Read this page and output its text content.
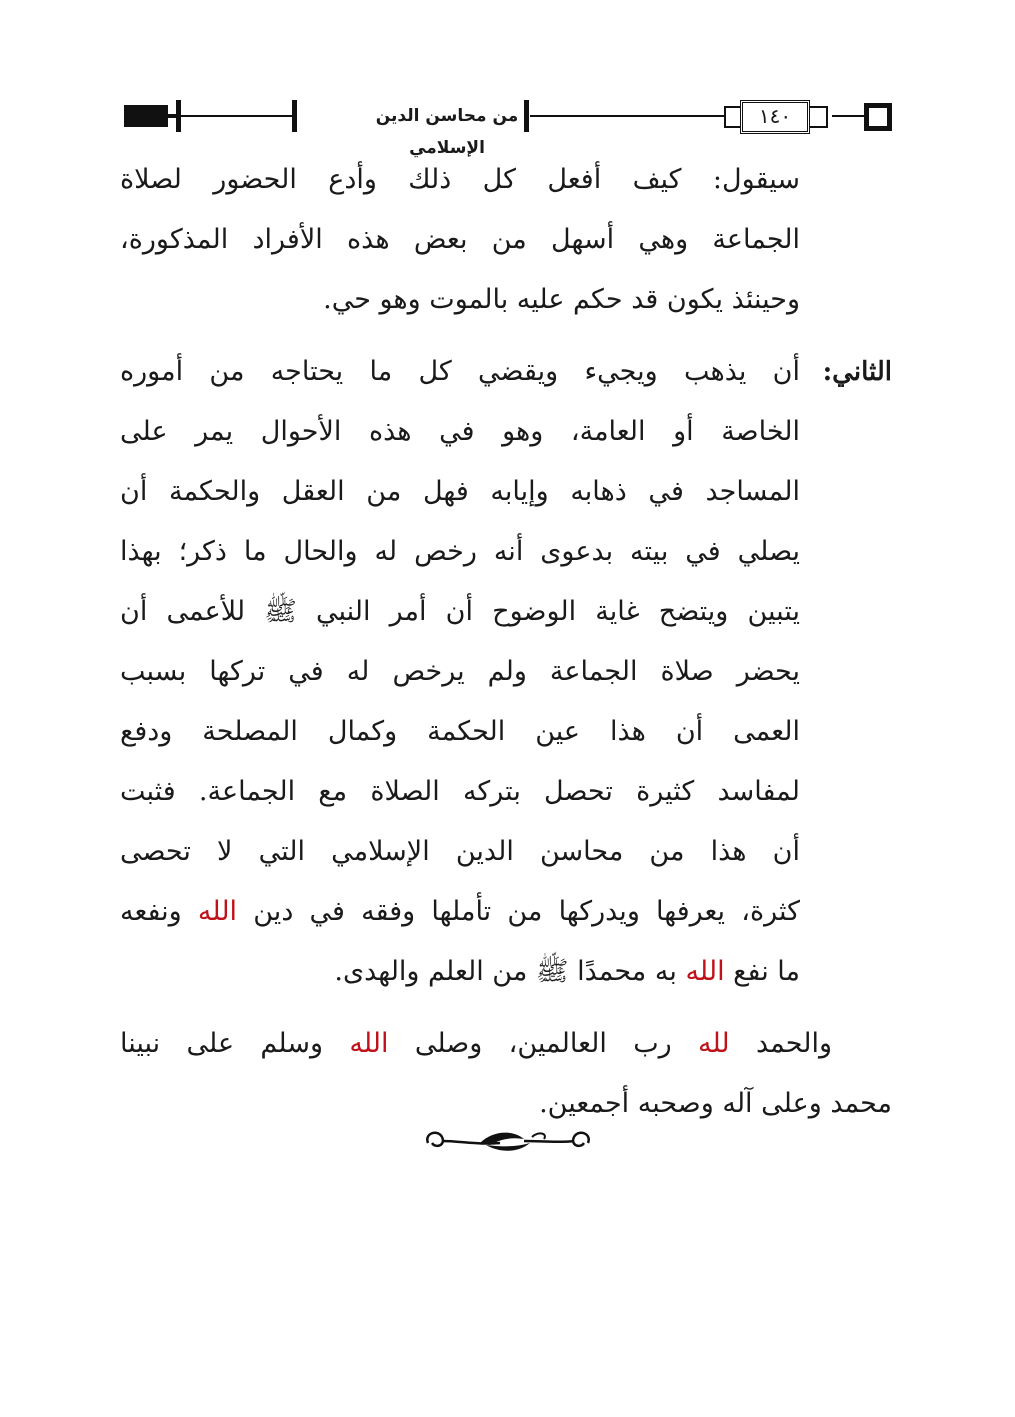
من محاسن الدين الإسلامي
١٤٠
سيقول: كيف أفعل كل ذلك وأدع الحضور لصلاة
الجماعة وهي أسهل من بعض هذه الأفراد المذكورة،
وحينئذ يكون قد حكم عليه بالموت وهو حي.
الثاني:
أن يذهب ويجيء ويقضي كل ما يحتاجه من أموره
الخاصة أو العامة، وهو في هذه الأحوال يمر على
المساجد في ذهابه وإيابه فهل من العقل والحكمة أن
يصلي في بيته بدعوى أنه رخص له والحال ما ذكر؛ بهذا
يتبين ويتضح غاية الوضوح أن أمر النبي ﷺ للأعمى أن
يحضر صلاة الجماعة ولم يرخص له في تركها بسبب
العمى أن هذا عين الحكمة وكمال المصلحة ودفع
لمفاسد كثيرة تحصل بتركه الصلاة مع الجماعة. فثبت
أن هذا من محاسن الدين الإسلامي التي لا تحصى
كثرة، يعرفها ويدركها من تأملها وفقه في دين الله ونفعه
ما نفع الله به محمدًا ﷺ من العلم والهدى.
والحمد لله رب العالمين، وصلى الله وسلم على نبينا
محمد وعلى آله وصحبه أجمعين.
